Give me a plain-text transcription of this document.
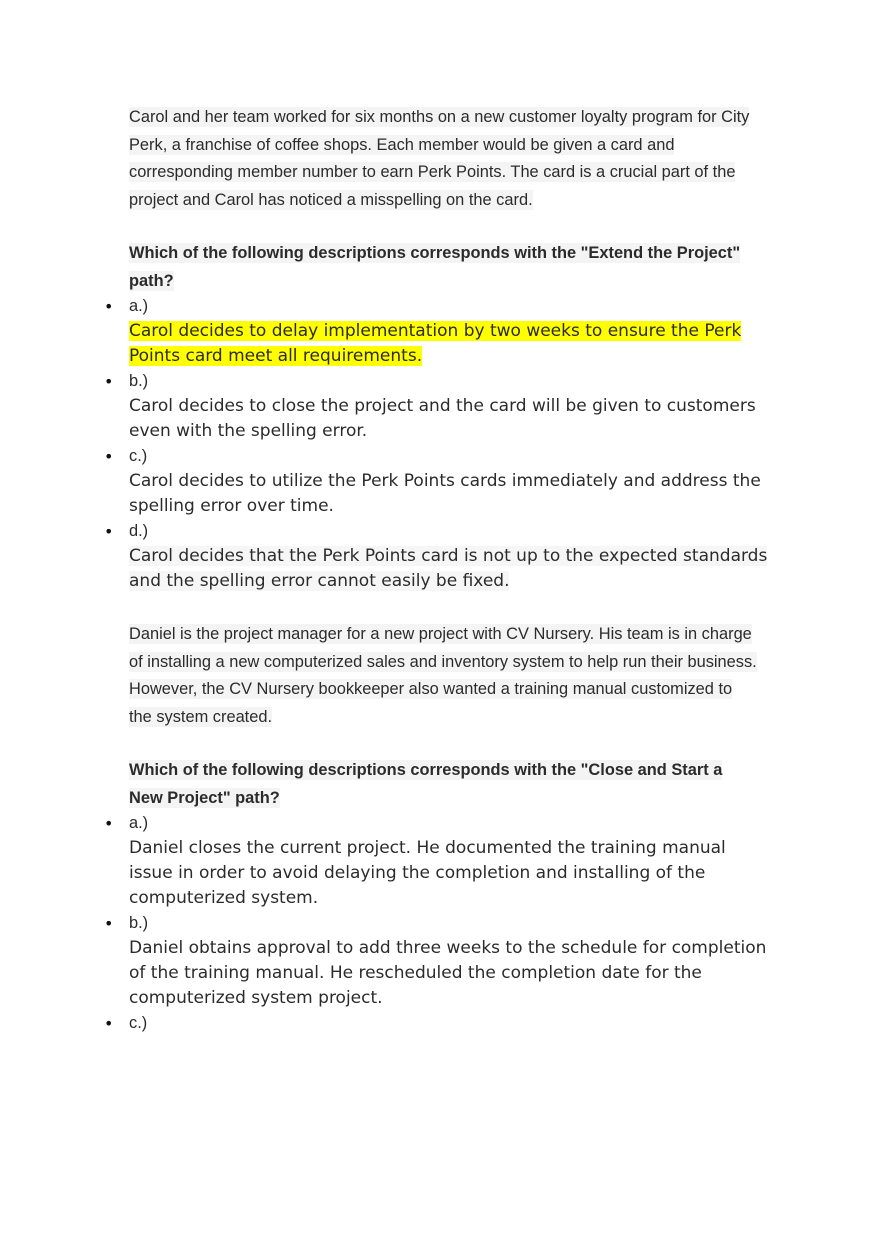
Carol and her team worked for six months on a new customer loyalty program for City Perk, a franchise of coffee shops. Each member would be given a card and corresponding member number to earn Perk Points. The card is a crucial part of the project and Carol has noticed a misspelling on the card.
Which of the following descriptions corresponds with the "Extend the Project" path?
• a.)
Carol decides to delay implementation by two weeks to ensure the Perk Points card meet all requirements.
• b.)
Carol decides to close the project and the card will be given to customers even with the spelling error.
• c.)
Carol decides to utilize the Perk Points cards immediately and address the spelling error over time.
• d.)
Carol decides that the Perk Points card is not up to the expected standards and the spelling error cannot easily be fixed.
Daniel is the project manager for a new project with CV Nursery. His team is in charge of installing a new computerized sales and inventory system to help run their business. However, the CV Nursery bookkeeper also wanted a training manual customized to the system created.
Which of the following descriptions corresponds with the "Close and Start a New Project" path?
• a.)
Daniel closes the current project. He documented the training manual issue in order to avoid delaying the completion and installing of the computerized system.
• b.)
Daniel obtains approval to add three weeks to the schedule for completion of the training manual. He rescheduled the completion date for the computerized system project.
• c.)
